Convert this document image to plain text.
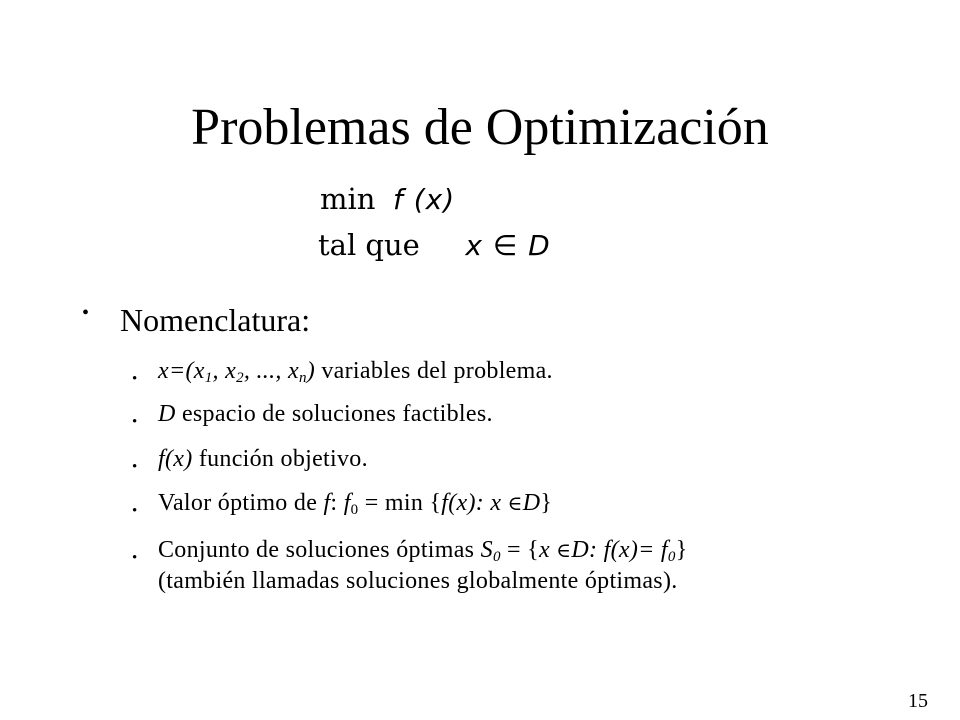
Problemas de Optimización
min f (x)
tal que x ∈ D
• Nomenclatura:
• $x=(x_1$, $x_2$, ..., $x_n$) variables del problema.
• D espacio de soluciones factibles.
• f(x) función objetivo.
• Valor óptimo de f: $f_0 = \min \{f(x)$: x ∈D}
• Conjunto de soluciones óptimas $S_0 = \{x$ ∈D: $f(x)= f_0$}
(también llamadas soluciones globalmente óptimas).
15
